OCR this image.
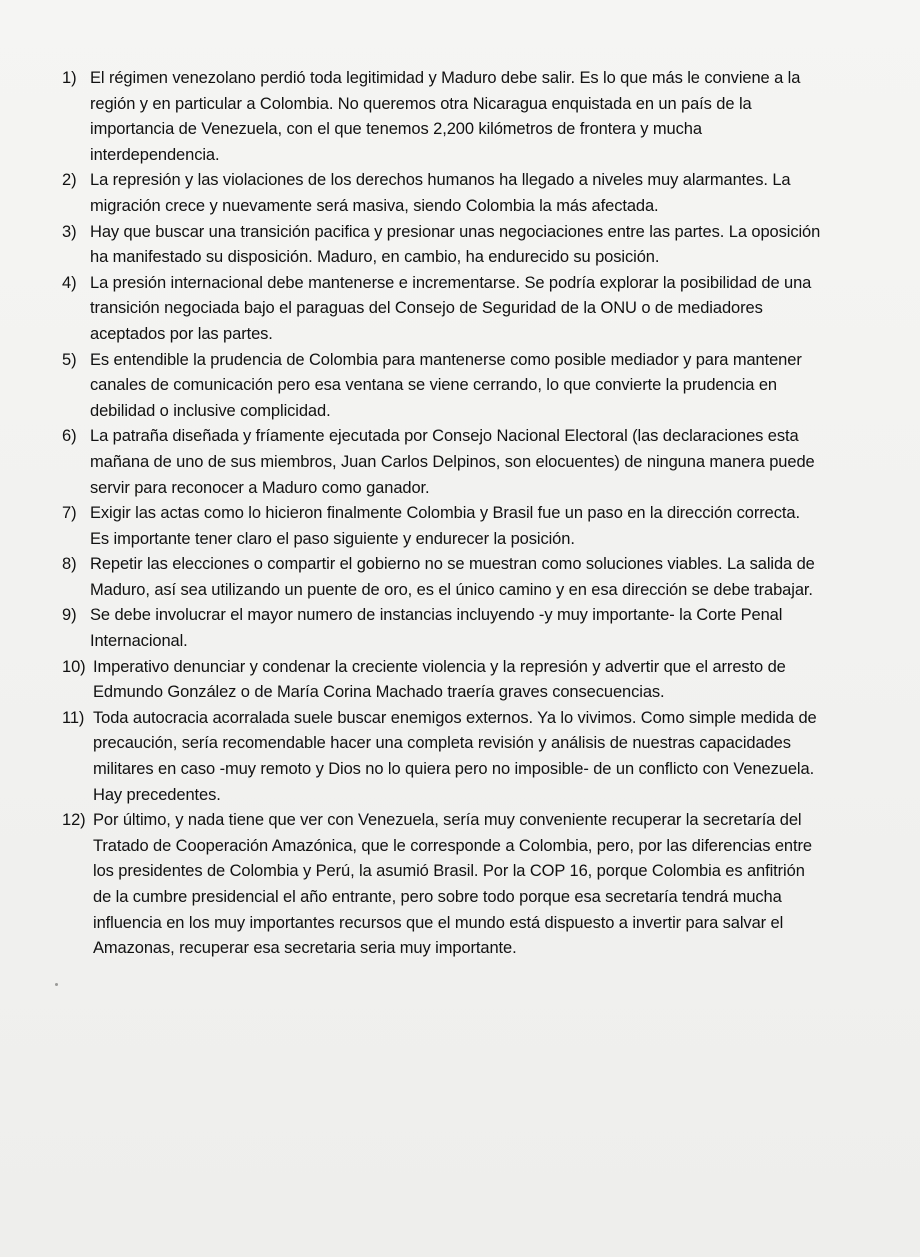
1) El régimen venezolano perdió toda legitimidad y Maduro debe salir. Es lo que más le conviene a la región y en particular a Colombia. No queremos otra Nicaragua enquistada en un país de la importancia de Venezuela, con el que tenemos 2,200 kilómetros de frontera y mucha interdependencia.

2) La represión y las violaciones de los derechos humanos ha llegado a niveles muy alarmantes. La migración crece y nuevamente será masiva, siendo Colombia la más afectada.

3) Hay que buscar una transición pacifica y presionar unas negociaciones entre las partes. La oposición ha manifestado su disposición. Maduro, en cambio, ha endurecido su posición.

4) La presión internacional debe mantenerse e incrementarse. Se podría explorar la posibilidad de una transición negociada bajo el paraguas del Consejo de Seguridad de la ONU o de mediadores aceptados por las partes.

5) Es entendible la prudencia de Colombia para mantenerse como posible mediador y para mantener canales de comunicación pero esa ventana se viene cerrando, lo que convierte la prudencia en debilidad o inclusive complicidad.

6) La patraña diseñada y fríamente ejecutada por Consejo Nacional Electoral (las declaraciones esta mañana de uno de sus miembros, Juan Carlos Delpinos, son elocuentes) de ninguna manera puede servir para reconocer a Maduro como ganador.

7) Exigir las actas como lo hicieron finalmente Colombia y Brasil fue un paso en la dirección correcta. Es importante tener claro el paso siguiente y endurecer la posición.

8) Repetir las elecciones o compartir el gobierno no se muestran como soluciones viables. La salida de Maduro, así sea utilizando un puente de oro, es el único camino y en esa dirección se debe trabajar.

9) Se debe involucrar el mayor numero de instancias incluyendo -y muy importante- la Corte Penal Internacional.

10) Imperativo denunciar y condenar la creciente violencia y la represión y advertir que el arresto de Edmundo González o de María Corina Machado traería graves consecuencias.

11) Toda autocracia acorralada suele buscar enemigos externos. Ya lo vivimos. Como simple medida de precaución, sería recomendable hacer una completa revisión y análisis de nuestras capacidades militares en caso -muy remoto y Dios no lo quiera pero no imposible- de un conflicto con Venezuela. Hay precedentes.

12) Por último, y nada tiene que ver con Venezuela, sería muy conveniente recuperar la secretaría del Tratado de Cooperación Amazónica, que le corresponde a Colombia, pero, por las diferencias entre los presidentes de Colombia y Perú, la asumió Brasil. Por la COP 16, porque Colombia es anfitrión de la cumbre presidencial el año entrante, pero sobre todo porque esa secretaría tendrá mucha influencia en los muy importantes recursos que el mundo está dispuesto a invertir para salvar el Amazonas, recuperar esa secretaria seria muy importante.
